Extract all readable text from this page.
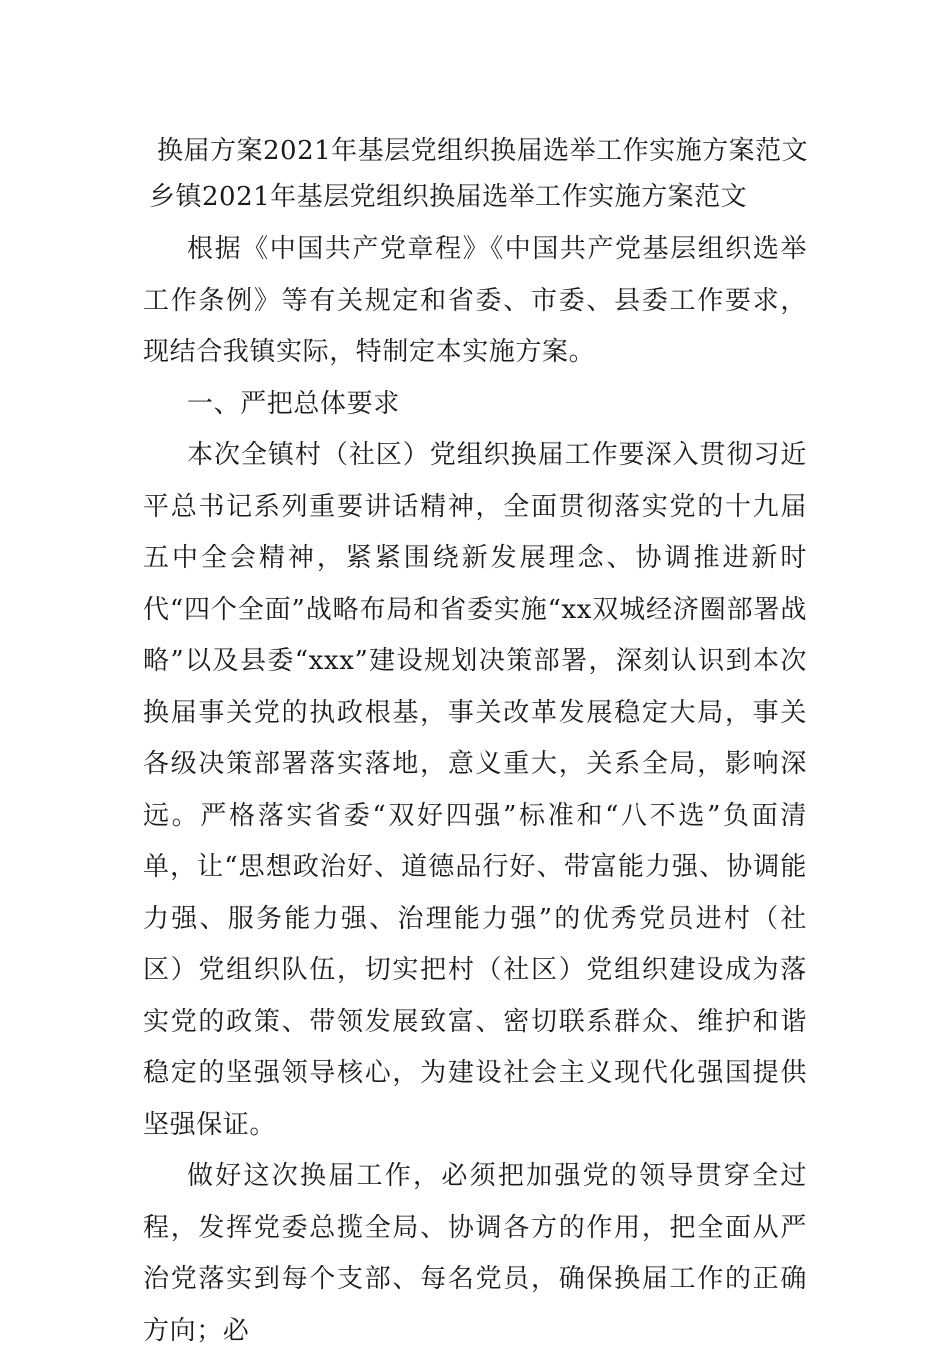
换届方案2021年基层党组织换届选举工作实施方案范文
乡镇2021年基层党组织换届选举工作实施方案范文

根据《中国共产党章程》《中国共产党基层组织选举工作条例》等有关规定和省委、市委、县委工作要求，现结合我镇实际，特制定本实施方案。

一、严把总体要求

本次全镇村（社区）党组织换届工作要深入贯彻习近平总书记系列重要讲话精神，全面贯彻落实党的十九届五中全会精神，紧紧围绕新发展理念、协调推进新时代“四个全面”战略布局和省委实施“xx双城经济圈部署战略”以及县委“xxx”建设规划决策部署，深刻认识到本次换届事关党的执政根基，事关改革发展稳定大局，事关各级决策部署落实落地，意义重大，关系全局，影响深远。严格落实省委“双好四强”标准和“八不选”负面清单，让“思想政治好、道德品行好、带富能力强、协调能力强、服务能力强、治理能力强”的优秀党员进村（社区）党组织队伍，切实把村（社区）党组织建设成为落实党的政策、带领发展致富、密切联系群众、维护和谐稳定的坚强领导核心，为建设社会主义现代化强国提供坚强保证。

做好这次换届工作，必须把加强党的领导贯穿全过程，发挥党委总揽全局、协调各方的作用，把全面从严治党落实到每个支部、每名党员，确保换届工作的正确方向；必
